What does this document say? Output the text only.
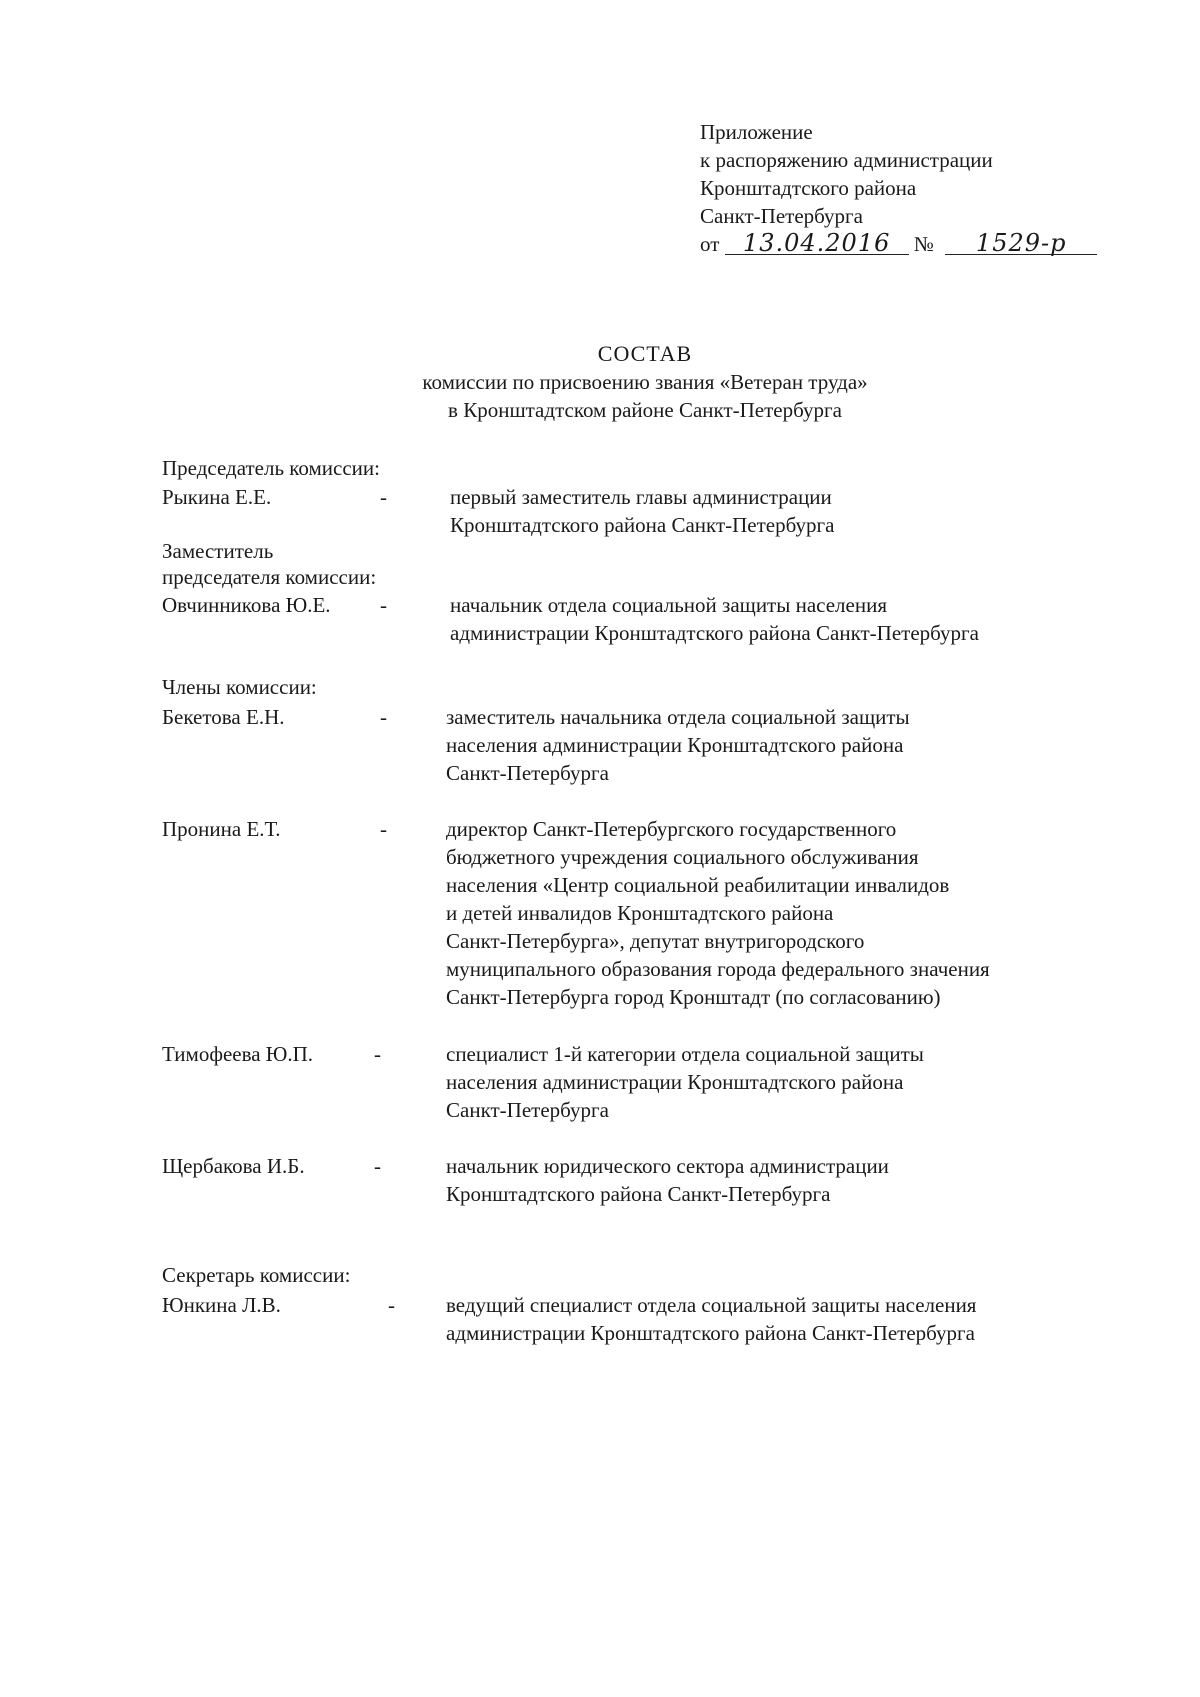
Приложение
к распоряжению администрации
Кронштадтского района
Санкт-Петербурга
от 13.04.2016 № 1529-р
СОСТАВ
комиссии по присвоению звания «Ветеран труда»
в Кронштадтском районе Санкт-Петербурга
Председатель комиссии:
Рыкина Е.Е.	-	первый заместитель главы администрации
Кронштадтского района Санкт-Петербурга
Заместитель
председателя комиссии:
Овчинникова Ю.Е. -	начальник отдела социальной защиты населения
администрации Кронштадтского района Санкт-Петербурга
Члены комиссии:
Бекетова Е.Н.	-	заместитель начальника отдела социальной защиты
населения администрации Кронштадтского района
Санкт-Петербурга
Пронина Е.Т.	-	директор Санкт-Петербургского государственного
бюджетного учреждения социального обслуживания
населения «Центр социальной реабилитации инвалидов
и детей инвалидов Кронштадтского района
Санкт-Петербурга», депутат внутригородского
муниципального образования города федерального значения
Санкт-Петербурга город Кронштадт (по согласованию)
Тимофеева Ю.П.	-	специалист 1-й категории отдела социальной защиты
населения администрации Кронштадтского района
Санкт-Петербурга
Щербакова И.Б.	-	начальник юридического сектора администрации
Кронштадтского района Санкт-Петербурга
Секретарь комиссии:
Юнкина Л.В.	- ведущий специалист отдела социальной защиты населения
администрации Кронштадтского района Санкт-Петербурга
